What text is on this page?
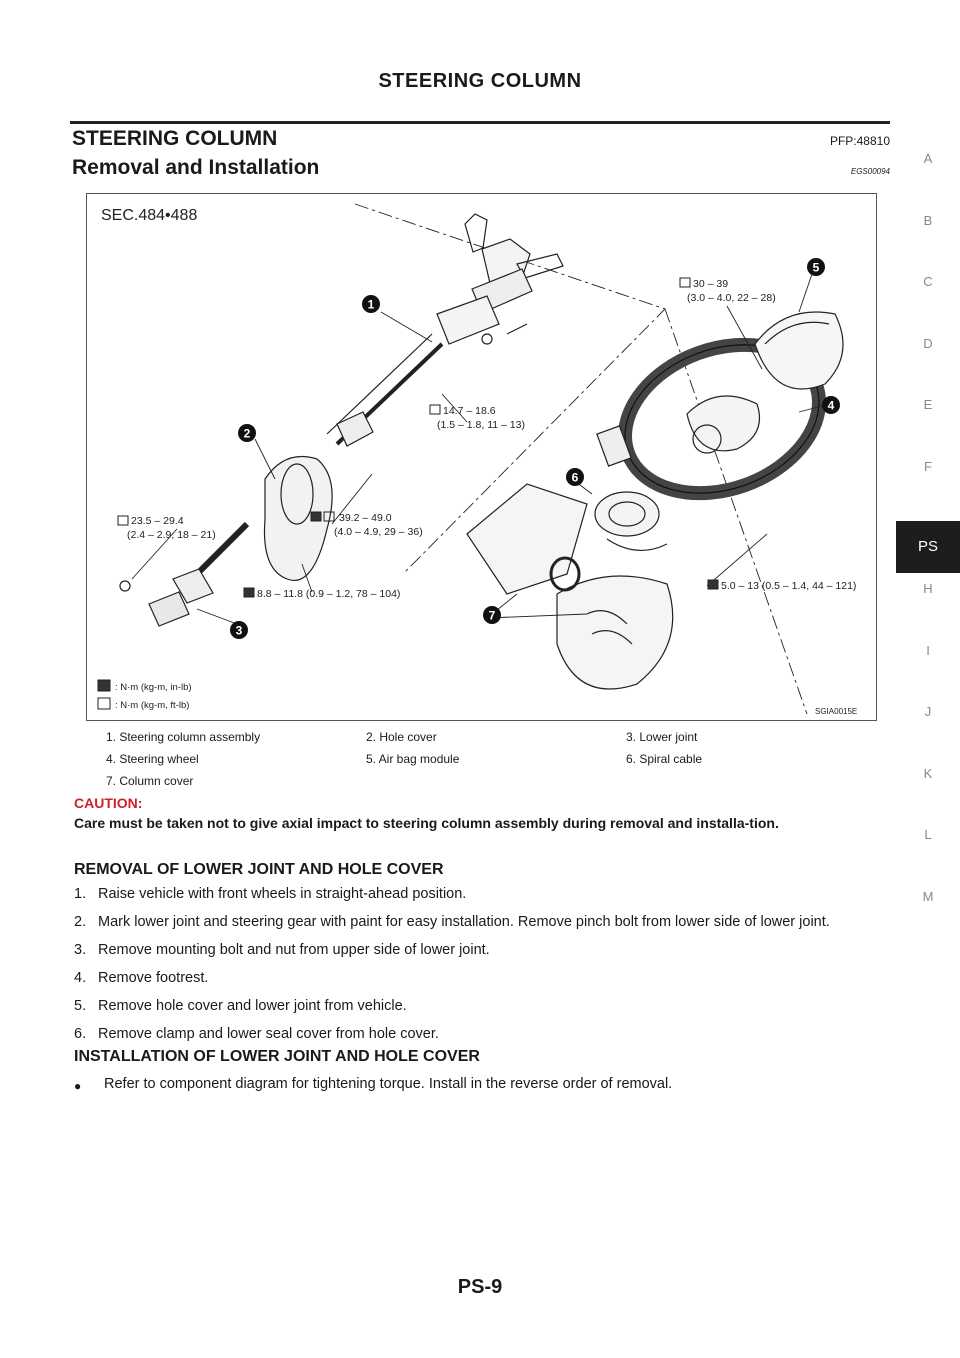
STEERING COLUMN
STEERING COLUMN	PFP:48810
Removal and Installation	EGS00094
A
B
C
D
E
F
PS
H
I
J
K
L
M
SEC.484•488
1
2
3
4
5
6
7
30 – 39
(3.0 – 4.0, 22 – 28)
14.7 – 18.6
(1.5 – 1.8, 11 – 13)
23.5 – 29.4
(2.4 – 2.9, 18 – 21)
39.2 – 49.0
(4.0 – 4.9, 29 – 36)
8.8 – 11.8 (0.9 – 1.2, 78 – 104)
5.0 – 13 (0.5 – 1.4, 44 – 121)
: N·m (kg-m, in-lb)
: N·m (kg-m, ft-lb)
SGIA0015E
1. Steering column assembly	2. Hole cover	3. Lower joint
4. Steering wheel	5. Air bag module	6. Spiral cable
7. Column cover

CAUTION:

Care must be taken not to give axial impact to steering column assembly during removal and installa-tion.

REMOVAL OF LOWER JOINT AND HOLE COVER
1. Raise vehicle with front wheels in straight-ahead position.
2. Mark lower joint and steering gear with paint for easy installation. Remove pinch bolt from lower side of lower joint.
3. Remove mounting bolt and nut from upper side of lower joint.
4. Remove footrest.
5. Remove hole cover and lower joint from vehicle.
6. Remove clamp and lower seal cover from hole cover.
INSTALLATION OF LOWER JOINT AND HOLE COVER
●	Refer to component diagram for tightening torque. Install in the reverse order of removal.
PS-9
